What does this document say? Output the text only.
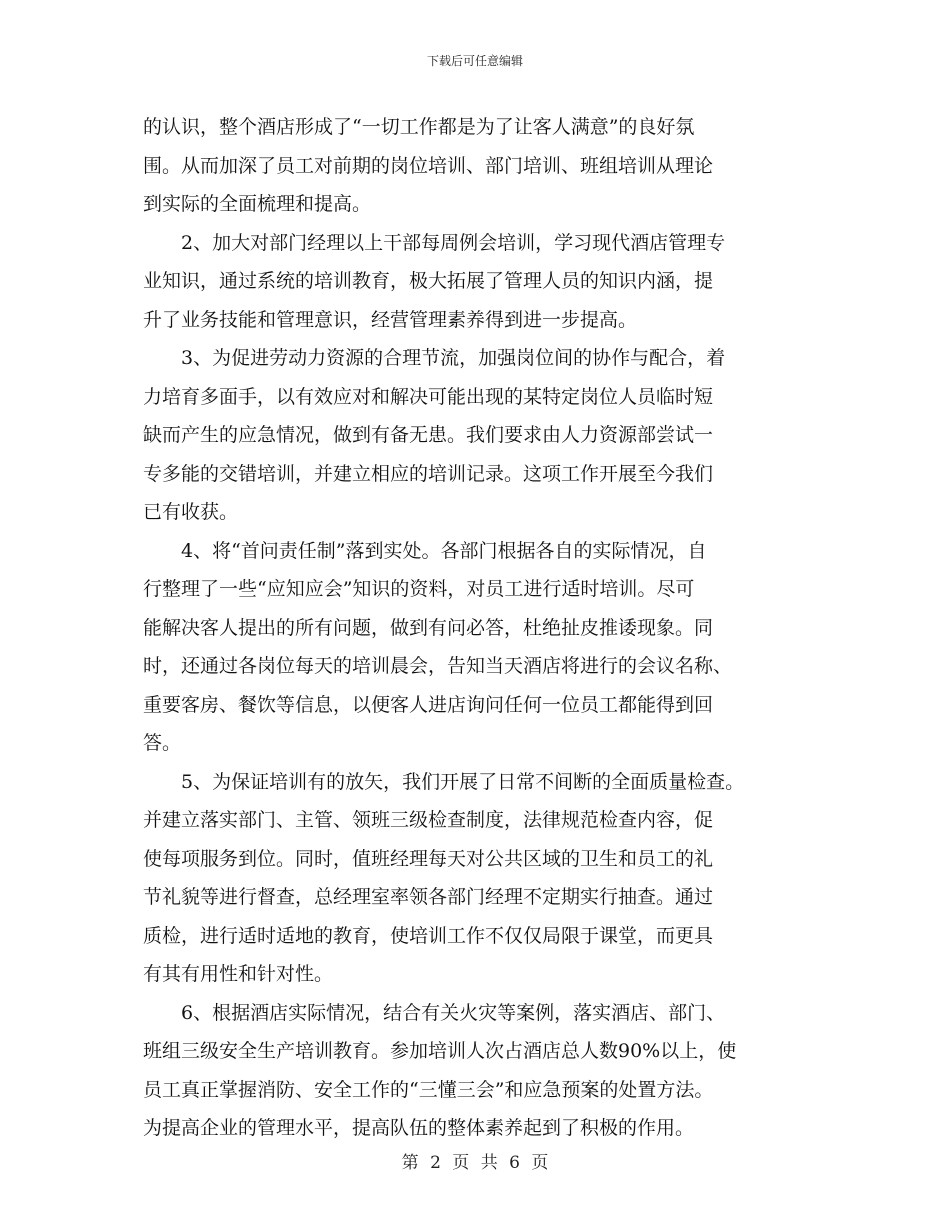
下载后可任意编辑
的认识，整个酒店形成了“一切工作都是为了让客人满意”的良好氛
围。从而加深了员工对前期的岗位培训、部门培训、班组培训从理论
到实际的全面梳理和提高。
2、加大对部门经理以上干部每周例会培训，学习现代酒店管理专
业知识，通过系统的培训教育，极大拓展了管理人员的知识内涵，提
升了业务技能和管理意识，经营管理素养得到进一步提高。
3、为促进劳动力资源的合理节流，加强岗位间的协作与配合，着
力培育多面手，以有效应对和解决可能出现的某特定岗位人员临时短
缺而产生的应急情况，做到有备无患。我们要求由人力资源部尝试一
专多能的交错培训，并建立相应的培训记录。这项工作开展至今我们
已有收获。
4、将“首问责任制”落到实处。各部门根据各自的实际情况，自
行整理了一些“应知应会”知识的资料，对员工进行适时培训。尽可
能解决客人提出的所有问题，做到有问必答，杜绝扯皮推诿现象。同
时，还通过各岗位每天的培训晨会，告知当天酒店将进行的会议名称、
重要客房、餐饮等信息，以便客人进店询问任何一位员工都能得到回
答。
5、为保证培训有的放矢，我们开展了日常不间断的全面质量检查。
并建立落实部门、主管、领班三级检查制度，法律规范检查内容，促
使每项服务到位。同时，值班经理每天对公共区域的卫生和员工的礼
节礼貌等进行督查，总经理室率领各部门经理不定期实行抽查。通过
质检，进行适时适地的教育，使培训工作不仅仅局限于课堂，而更具
有其有用性和针对性。
6、根据酒店实际情况，结合有关火灾等案例，落实酒店、部门、
班组三级安全生产培训教育。参加培训人次占酒店总人数90%以上，使
员工真正掌握消防、安全工作的“三懂三会”和应急预案的处置方法。
为提高企业的管理水平，提高队伍的整体素养起到了积极的作用。
第 2 页 共 6 页
